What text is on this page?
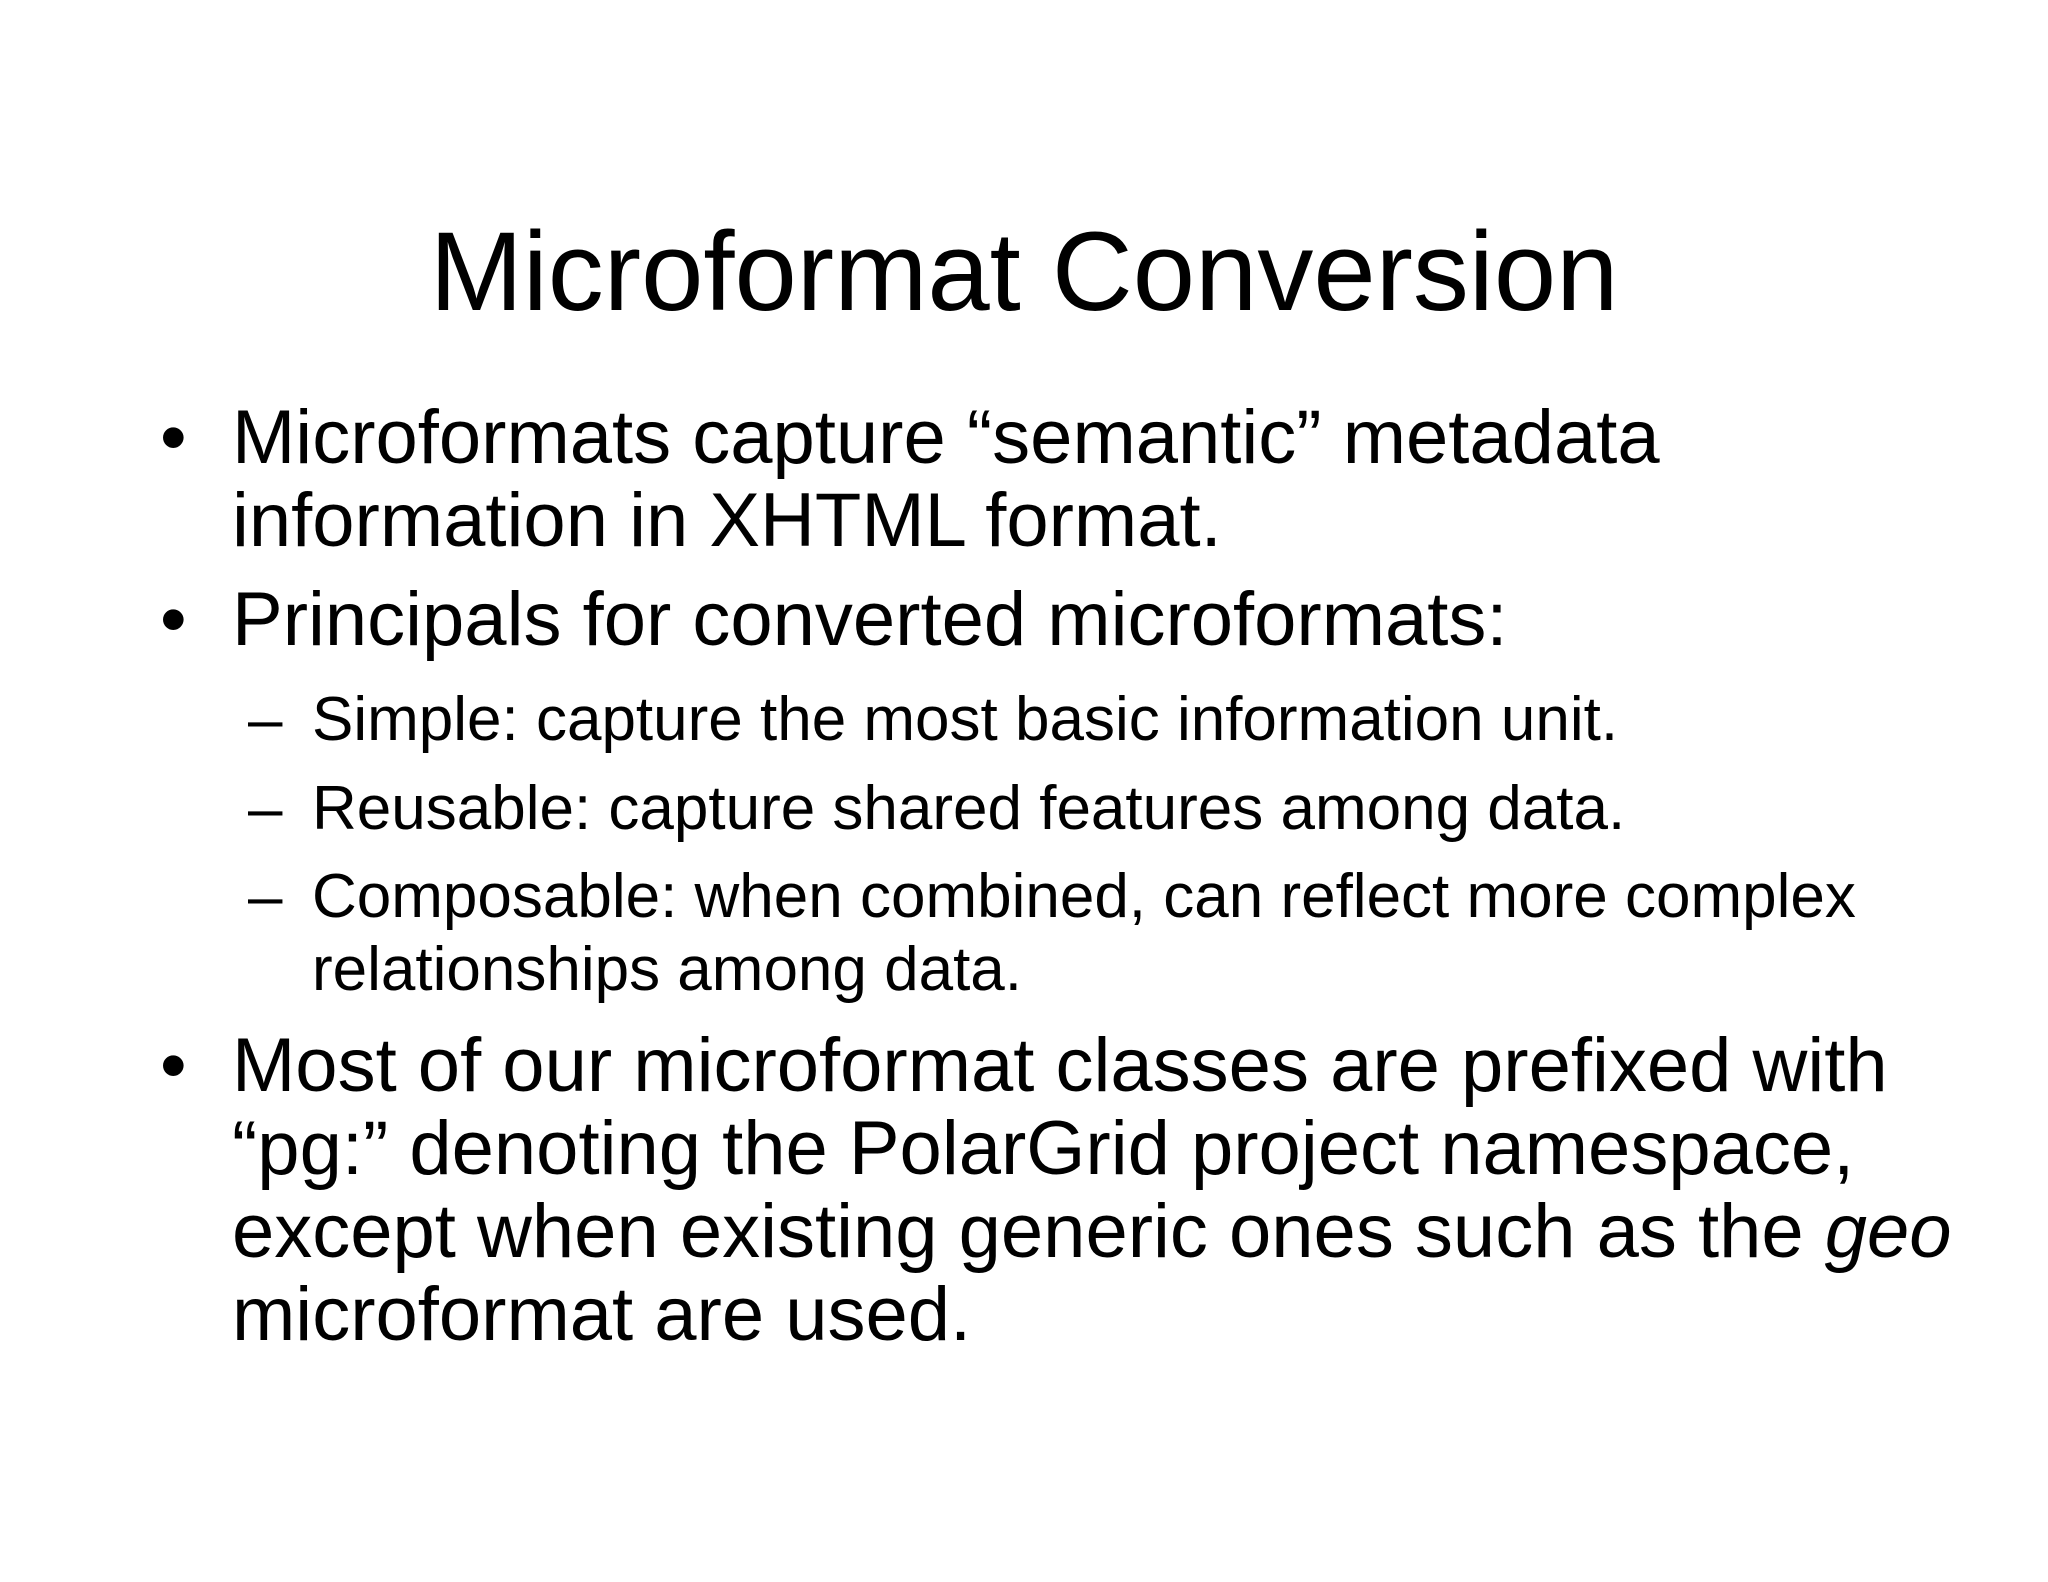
Microformat Conversion
• Microformats capture “semantic” metadata information in XHTML format.
• Principals for converted microformats:
– Simple: capture the most basic information unit.
– Reusable: capture shared features among data.
– Composable: when combined, can reflect more complex relationships among data.
• Most of our microformat classes are prefixed with “pg:” denoting the PolarGrid project namespace, except when existing generic ones such as the geo microformat are used.
